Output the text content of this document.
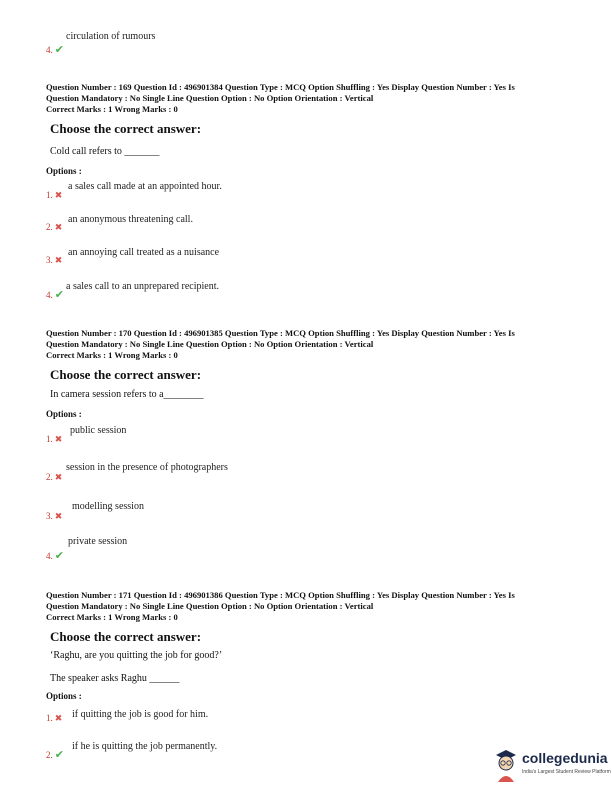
circulation of rumours
4. ✔
Question Number : 169 Question Id : 496901384 Question Type : MCQ Option Shuffling : Yes Display Question Number : Yes Is
Question Mandatory : No Single Line Question Option : No Option Orientation : Vertical
Correct Marks : 1 Wrong Marks : 0
Choose the correct answer:
Cold call refers to _______
Options :
1. ✖
a sales call made at an appointed hour.
2. ✖
an anonymous threatening call.
3. ✖
an annoying call treated as a nuisance
4. ✔
a sales call to an unprepared recipient.
Question Number : 170 Question Id : 496901385 Question Type : MCQ Option Shuffling : Yes Display Question Number : Yes Is
Question Mandatory : No Single Line Question Option : No Option Orientation : Vertical
Correct Marks : 1 Wrong Marks : 0
Choose the correct answer:
In camera session refers to a________
Options :
1. ✖
public session
2. ✖
session in the presence of photographers
3. ✖
modelling session
4. ✔
private session
Question Number : 171 Question Id : 496901386 Question Type : MCQ Option Shuffling : Yes Display Question Number : Yes Is
Question Mandatory : No Single Line Question Option : No Option Orientation : Vertical
Correct Marks : 1 Wrong Marks : 0
Choose the correct answer:
‘Raghu, are you quitting the job for good?’
The speaker asks Raghu ______
Options :
1. ✖ if quitting the job is good for him.
2. ✔
if he is quitting the job permanently.
collegedunia
India's Largest Student Review Platform
